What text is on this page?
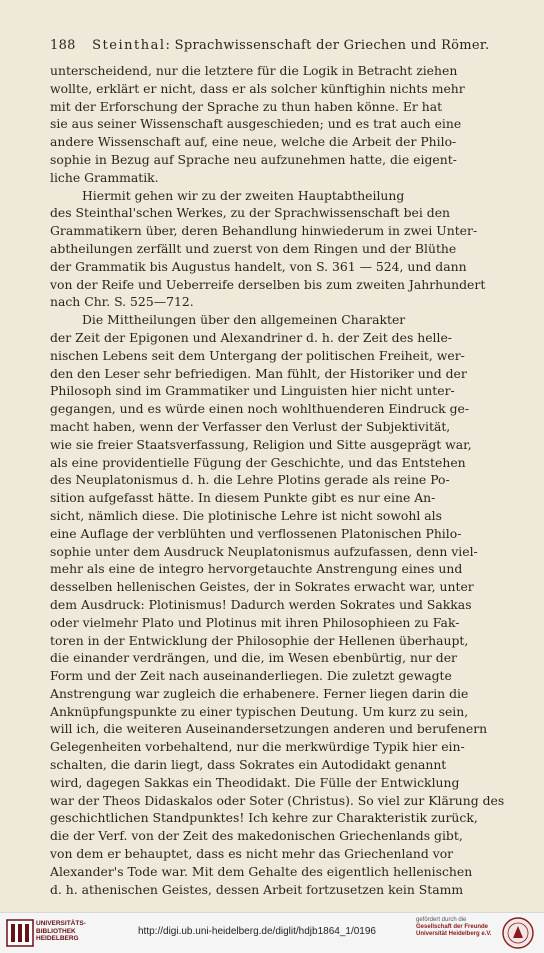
188 Steinthal: Sprachwissenschaft der Griechen und Römer.
unterscheidend, nur die letztere für die Logik in Betracht ziehen
wollte, erklärt er nicht, dass er als solcher künftighin nichts mehr
mit der Erforschung der Sprache zu thun haben könne. Er hat
sie aus seiner Wissenschaft ausgeschieden; und es trat auch eine
andere Wissenschaft auf, eine neue, welche die Arbeit der Philo-
sophie in Bezug auf Sprache neu aufzunehmen hatte, die eigent-
liche Grammatik.
Hiermit gehen wir zu der zweiten Hauptabtheilung
des Steinthal'schen Werkes, zu der Sprachwissenschaft bei den
Grammatikern über, deren Behandlung hinwiederum in zwei Unter-
abtheilungen zerfällt und zuerst von dem Ringen und der Blüthe
der Grammatik bis Augustus handelt, von S. 361 — 524, und dann
von der Reife und Ueberreife derselben bis zum zweiten Jahrhundert
nach Chr. S. 525—712.
Die Mittheilungen über den allgemeinen Charakter
der Zeit der Epigonen und Alexandriner d. h. der Zeit des helle-
nischen Lebens seit dem Untergang der politischen Freiheit, wer-
den den Leser sehr befriedigen. Man fühlt, der Historiker und der
Philosoph sind im Grammatiker und Linguisten hier nicht unter-
gegangen, und es würde einen noch wohlthuenderen Eindruck ge-
macht haben, wenn der Verfasser den Verlust der Subjektivität,
wie sie freier Staatsverfassung, Religion und Sitte ausgeprägt war,
als eine providentielle Fügung der Geschichte, und das Entstehen
des Neuplatonismus d. h. die Lehre Plotins gerade als reine Po-
sition aufgefasst hätte. In diesem Punkte gibt es nur eine An-
sicht, nämlich diese. Die plotinische Lehre ist nicht sowohl als
eine Auflage der verblühten und verflossenen Platonischen Philo-
sophie unter dem Ausdruck Neuplatonismus aufzufassen, denn viel-
mehr als eine de integro hervorgetauchte Anstrengung eines und
desselben hellenischen Geistes, der in Sokrates erwacht war, unter
dem Ausdruck: Plotinismus! Dadurch werden Sokrates und Sakkas
oder vielmehr Plato und Plotinus mit ihren Philosophieen zu Fak-
toren in der Entwicklung der Philosophie der Hellenen überhaupt,
die einander verdrängen, und die, im Wesen ebenbürtig, nur der
Form und der Zeit nach auseinanderliegen. Die zuletzt gewagte
Anstrengung war zugleich die erhabenere. Ferner liegen darin die
Anknüpfungspunkte zu einer typischen Deutung. Um kurz zu sein,
will ich, die weiteren Auseinandersetzungen anderen und berufenern
Gelegenheiten vorbehaltend, nur die merkwürdige Typik hier ein-
schalten, die darin liegt, dass Sokrates ein Autodidakt genannt
wird, dagegen Sakkas ein Theodidakt. Die Fülle der Entwicklung
war der Theos Didaskalos oder Soter (Christus). So viel zur Klärung des
geschichtlichen Standpunktes! Ich kehre zur Charakteristik zurück,
die der Verf. von der Zeit des makedonischen Griechenlands gibt,
von dem er behauptet, dass es nicht mehr das Griechenland vor
Alexander's Tode war. Mit dem Gehalte des eigentlich hellenischen
d. h. athenischen Geistes, dessen Arbeit fortzusetzen kein Stamm
UNIVERSITÄTS-
BIBLIOTHEK
HEIDELBERG
http://digi.ub.uni-heidelberg.de/diglit/hdjb1864_1/0196
gefördert durch die
Gesellschaft der Freunde
Universität Heidelberg e.V.
